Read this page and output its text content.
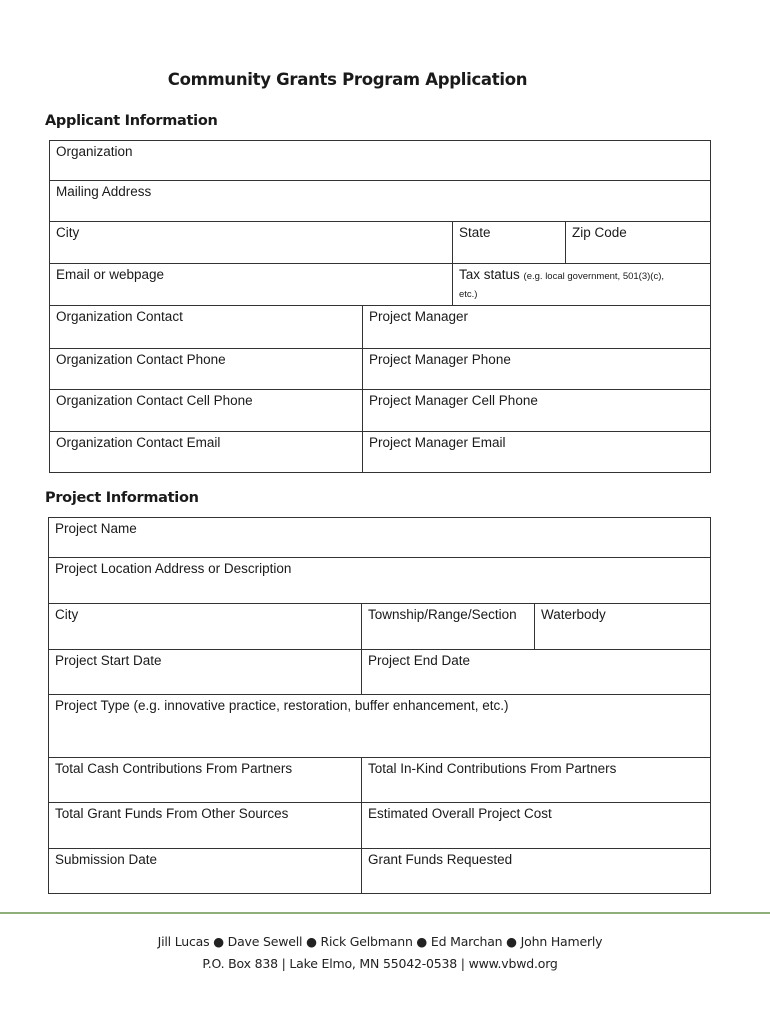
Community Grants Program Application
Applicant Information
Organization			
Mailing Address			
City		State	Zip Code
Email or webpage		Tax status (e.g. local government, 501(3)(c),
etc.)	
Organization Contact	Project Manager		
Organization Contact Phone	Project Manager Phone		
Organization Contact Cell Phone	Project Manager Cell Phone		
Organization Contact Email	Project Manager Email		
Project Information
Project Name		
Project Location Address or Description		
City	Township/Range/Section	Waterbody
Project Start Date	Project End Date	
Project Type (e.g. innovative practice, restoration, buffer enhancement, etc.)		
Total Cash Contributions From Partners	Total In-Kind Contributions From Partners	
Total Grant Funds From Other Sources	Estimated Overall Project Cost	
Submission Date	Grant Funds Requested	
Jill Lucas ● Dave Sewell ● Rick Gelbmann ● Ed Marchan ● John Hamerly
P.O. Box 838 | Lake Elmo, MN 55042-0538 | www.vbwd.org
